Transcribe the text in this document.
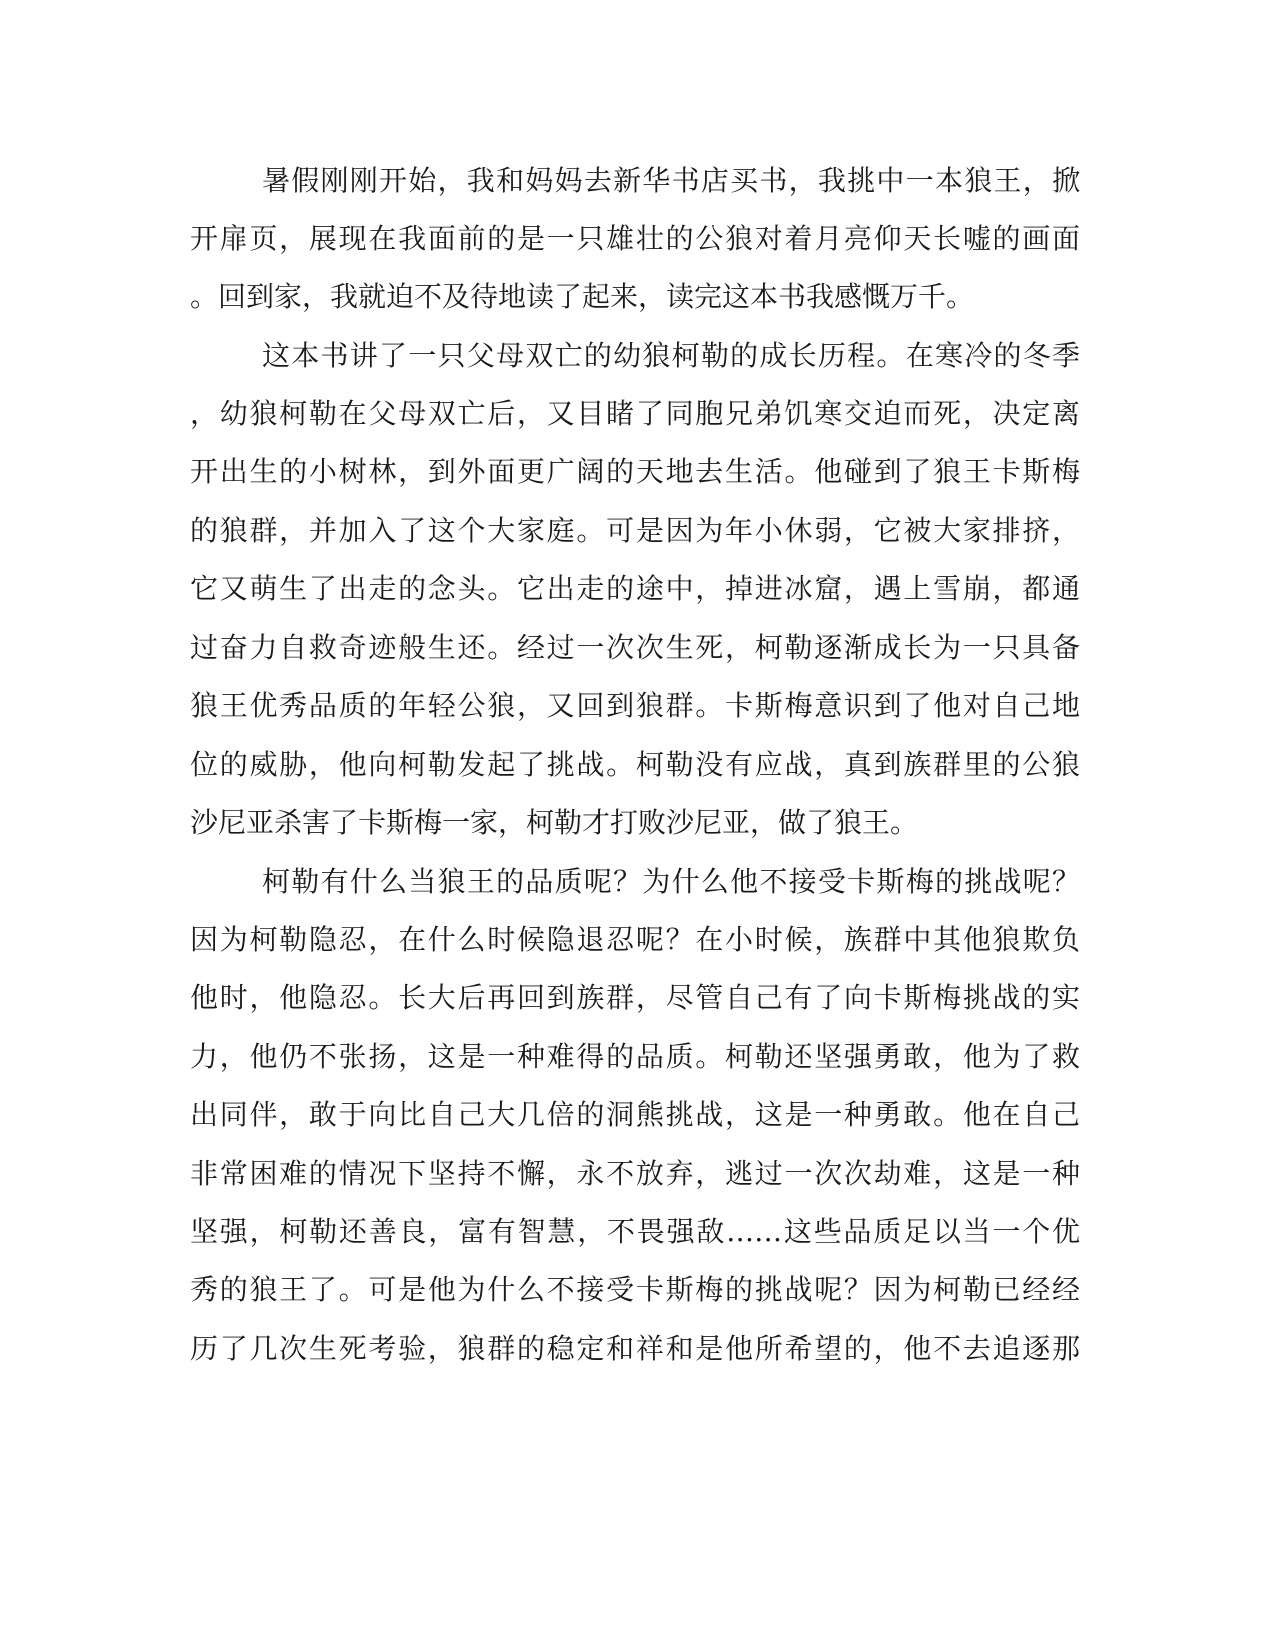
暑假刚刚开始，我和妈妈去新华书店买书，我挑中一本狼王，掀

开扉页，展现在我面前的是一只雄壮的公狼对着月亮仰天长嘘的画面

。回到家，我就迫不及待地读了起来，读完这本书我感慨万千。

这本书讲了一只父母双亡的幼狼柯勒的成长历程。在寒冷的冬季

，幼狼柯勒在父母双亡后，又目睹了同胞兄弟饥寒交迫而死，决定离

开出生的小树林，到外面更广阔的天地去生活。他碰到了狼王卡斯梅

的狼群，并加入了这个大家庭。可是因为年小休弱，它被大家排挤，

它又萌生了出走的念头。它出走的途中，掉进冰窟，遇上雪崩，都通

过奋力自救奇迹般生还。经过一次次生死，柯勒逐渐成长为一只具备

狼王优秀品质的年轻公狼，又回到狼群。卡斯梅意识到了他对自己地

位的威胁，他向柯勒发起了挑战。柯勒没有应战，真到族群里的公狼

沙尼亚杀害了卡斯梅一家，柯勒才打败沙尼亚，做了狼王。

柯勒有什么当狼王的品质呢？为什么他不接受卡斯梅的挑战呢？

因为柯勒隐忍，在什么时候隐退忍呢？在小时候，族群中其他狼欺负

他时，他隐忍。长大后再回到族群，尽管自己有了向卡斯梅挑战的实

力，他仍不张扬，这是一种难得的品质。柯勒还坚强勇敢，他为了救

出同伴，敢于向比自己大几倍的洞熊挑战，这是一种勇敢。他在自己

非常困难的情况下坚持不懈，永不放弃，逃过一次次劫难，这是一种

坚强，柯勒还善良，富有智慧，不畏强敌……这些品质足以当一个优

秀的狼王了。可是他为什么不接受卡斯梅的挑战呢？因为柯勒已经经

历了几次生死考验，狼群的稳定和祥和是他所希望的，他不去追逐那
